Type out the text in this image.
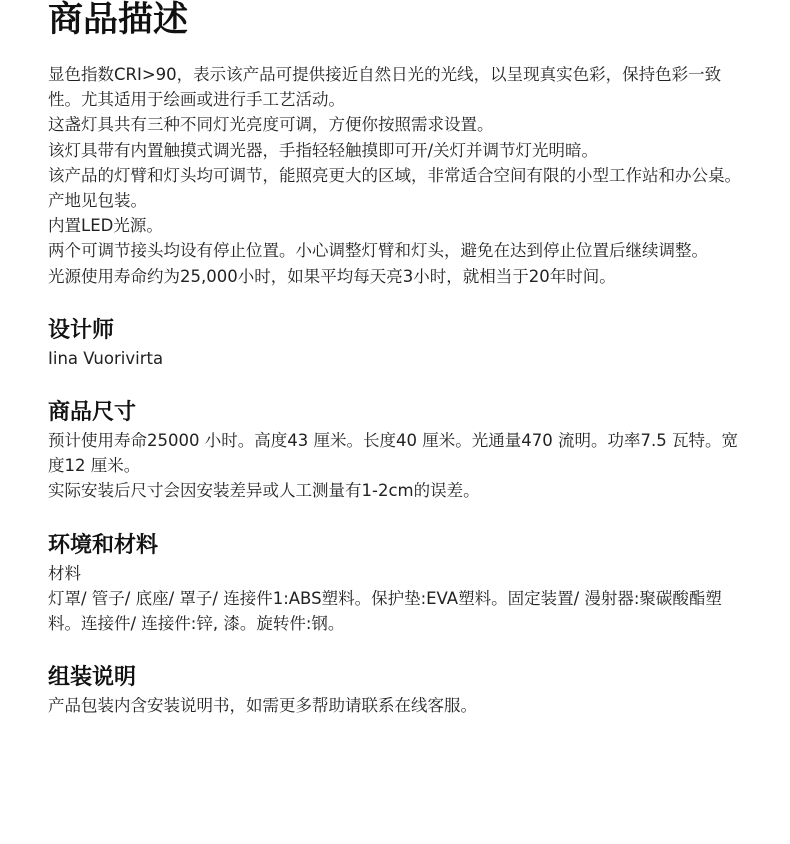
商品描述

显色指数CRI>90，表示该产品可提供接近自然日光的光线，以呈现真实色彩，保持色彩一致性。尤其适用于绘画或进行手工艺活动。

这盏灯具共有三种不同灯光亮度可调，方便你按照需求设置。

该灯具带有内置触摸式调光器，手指轻轻触摸即可开/关灯并调节灯光明暗。

该产品的灯臂和灯头均可调节，能照亮更大的区域，非常适合空间有限的小型工作站和办公桌。

产地见包装。

内置LED光源。

两个可调节接头均设有停止位置。小心调整灯臂和灯头，避免在达到停止位置后继续调整。

光源使用寿命约为25,000小时，如果平均每天亮3小时，就相当于20年时间。

设计师

Iina Vuorivirta

商品尺寸

预计使用寿命25000 小时。高度43 厘米。长度40 厘米。光通量470 流明。功率7.5 瓦特。宽度12 厘米。

实际安装后尺寸会因安装差异或人工测量有1-2cm的误差。

环境和材料

材料

灯罩/ 管子/ 底座/ 罩子/ 连接件1:ABS塑料。保护垫:EVA塑料。固定装置/ 漫射器:聚碳酸酯塑料。连接件/ 连接件:锌, 漆。旋转件:钢。

组装说明

产品包装内含安装说明书，如需更多帮助请联系在线客服。
